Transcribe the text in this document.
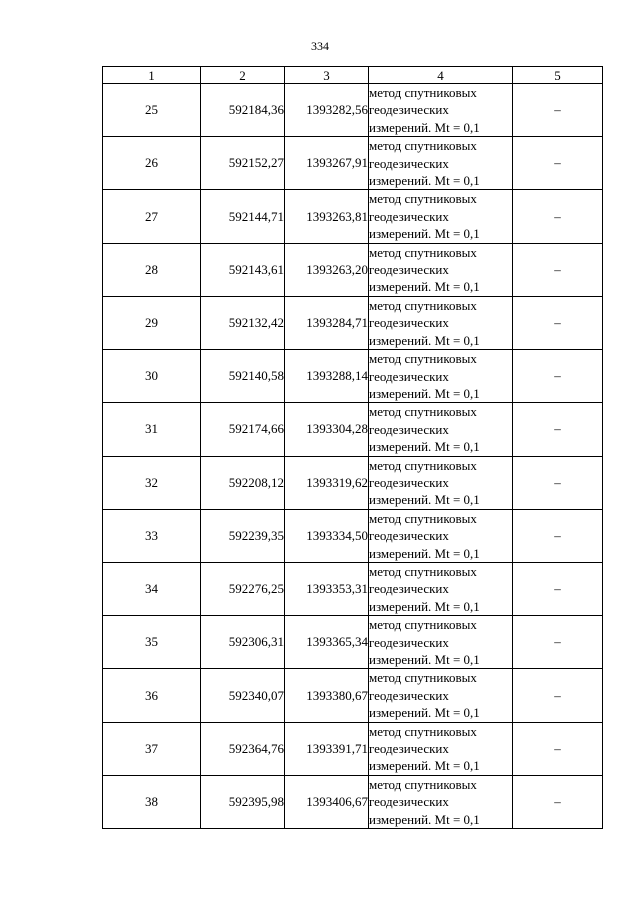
334
1	2	3	4	5
25	592184,36	1393282,56	метод спутниковых
геодезических
измерений. Mt = 0,1	–
26	592152,27	1393267,91	метод спутниковых
геодезических
измерений. Mt = 0,1	–
27	592144,71	1393263,81	метод спутниковых
геодезических
измерений. Mt = 0,1	–
28	592143,61	1393263,20	метод спутниковых
геодезических
измерений. Mt = 0,1	–
29	592132,42	1393284,71	метод спутниковых
геодезических
измерений. Mt = 0,1	–
30	592140,58	1393288,14	метод спутниковых
геодезических
измерений. Mt = 0,1	–
31	592174,66	1393304,28	метод спутниковых
геодезических
измерений. Mt = 0,1	–
32	592208,12	1393319,62	метод спутниковых
геодезических
измерений. Mt = 0,1	–
33	592239,35	1393334,50	метод спутниковых
геодезических
измерений. Mt = 0,1	–
34	592276,25	1393353,31	метод спутниковых
геодезических
измерений. Mt = 0,1	–
35	592306,31	1393365,34	метод спутниковых
геодезических
измерений. Mt = 0,1	–
36	592340,07	1393380,67	метод спутниковых
геодезических
измерений. Mt = 0,1	–
37	592364,76	1393391,71	метод спутниковых
геодезических
измерений. Mt = 0,1	–
38	592395,98	1393406,67	метод спутниковых
геодезических
измерений. Mt = 0,1	–
